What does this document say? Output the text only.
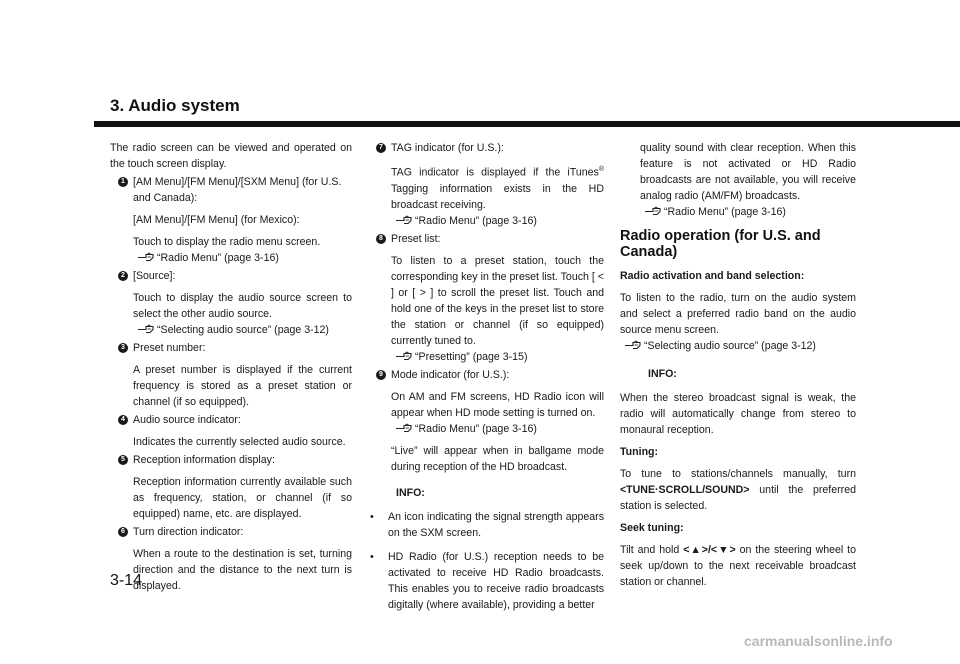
3. Audio system

The radio screen can be viewed and operated on the touch screen display.

1 [AM Menu]/[FM Menu]/[SXM Menu] (for U.S. and Canada):

[AM Menu]/[FM Menu] (for Mexico):

Touch to display the radio menu screen.

“Radio Menu” (page 3-16)

2 [Source]:

Touch to display the audio source screen to select the other audio source.

“Selecting audio source” (page 3-12)

3 Preset number:

A preset number is displayed if the current frequency is stored as a preset station or channel (if so equipped).

4 Audio source indicator:

Indicates the currently selected audio source.

5 Reception information display:

Reception information currently available such as frequency, station, or channel (if so equipped) name, etc. are displayed.

6 Turn direction indicator:

When a route to the destination is set, turning direction and the distance to the next turn is displayed.

7 TAG indicator (for U.S.):

TAG indicator is displayed if the iTunes® Tagging information exists in the HD broadcast receiving.

“Radio Menu” (page 3-16)

8 Preset list:

To listen to a preset station, touch the corresponding key in the preset list. Touch [ < ] or [ > ] to scroll the preset list. Touch and hold one of the keys in the preset list to store the station or channel (if so equipped) currently tuned to.

“Presetting” (page 3-15)

9 Mode indicator (for U.S.):

On AM and FM screens, HD Radio icon will appear when HD mode setting is turned on.

“Radio Menu” (page 3-16)

“Live” will appear when in ballgame mode during reception of the HD broadcast.

INFO:

• An icon indicating the signal strength appears on the SXM screen.

• HD Radio (for U.S.) reception needs to be activated to receive HD Radio broadcasts. This enables you to receive radio broadcasts digitally (where available), providing a better

quality sound with clear reception. When this feature is not activated or HD Radio broadcasts are not available, you will receive analog radio (AM/FM) broadcasts.

“Radio Menu” (page 3-16)

Radio operation (for U.S. and Canada)

Radio activation and band selection:

To listen to the radio, turn on the audio system and select a preferred radio band on the audio source menu screen.

“Selecting audio source” (page 3-12)

INFO:

When the stereo broadcast signal is weak, the radio will automatically change from stereo to monaural reception.

Tuning:

To tune to stations/channels manually, turn <TUNE·SCROLL/SOUND> until the preferred station is selected.

Seek tuning:

Tilt and hold <▲>/<▼> on the steering wheel to seek up/down to the next receivable broadcast station or channel.

3-14
carmanualsonline.info
